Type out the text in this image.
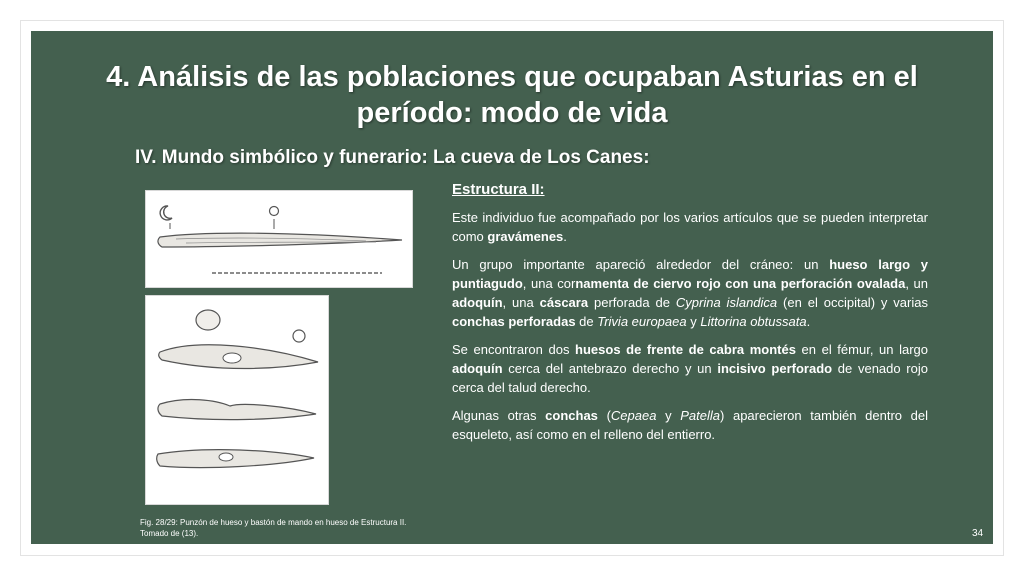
4. Análisis de las poblaciones que ocupaban Asturias en el período: modo de vida
IV. Mundo simbólico y funerario: La cueva de Los Canes:
Estructura II:

Este individuo fue acompañado por los varios artículos que se pueden interpretar como gravámenes.

Un grupo importante apareció alrededor del cráneo: un hueso largo y puntiagudo, una cornamenta de ciervo rojo con una perforación ovalada, un adoquín, una cáscara perforada de Cyprina islandica (en el occipital) y varias conchas perforadas de Trivia europaea y Littorina obtussata.

Se encontraron dos huesos de frente de cabra montés en el fémur, un largo adoquín cerca del antebrazo derecho y un incisivo perforado de venado rojo cerca del talud derecho.

Algunas otras conchas (Cepaea y Patella) aparecieron también dentro del esqueleto, así como en el relleno del entierro.

Fig. 28/29: Punzón de hueso y bastón de mando en hueso de Estructura II.
Tomado de (13).	34
